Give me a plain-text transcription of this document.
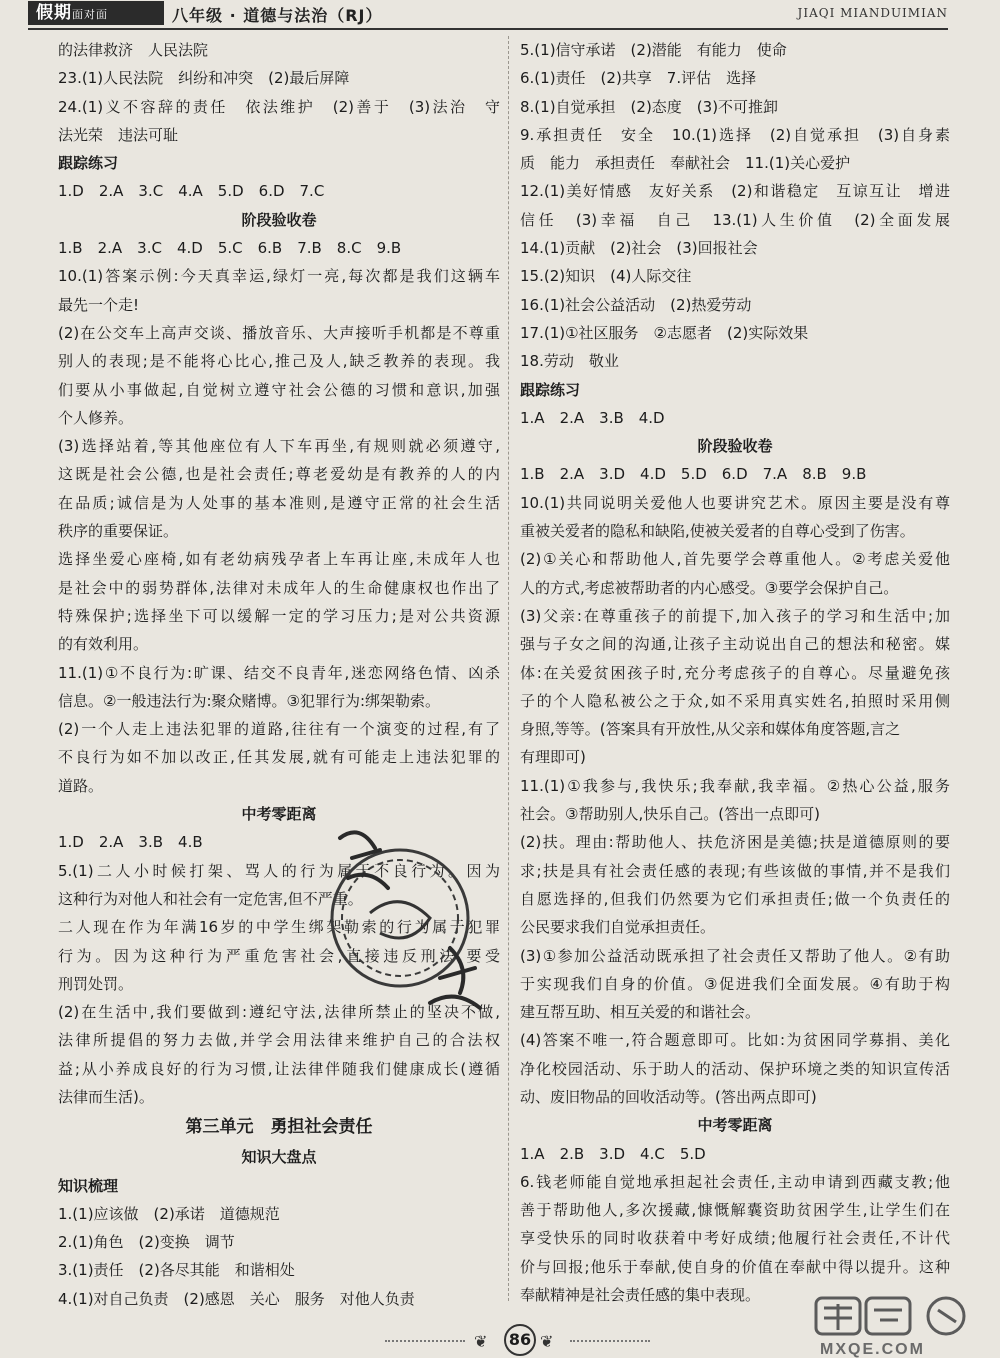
假期面对面	八年级 · 道德与法治（RJ）	JIAQI MIANDUIMIAN
的法律救济　人民法院
23.(1)人民法院　纠纷和冲突　(2)最后屏障
24.(1)义不容辞的责任　依法维护　(2)善于　(3)法治　守
法光荣　违法可耻
跟踪练习
1.D　2.A　3.C　4.A　5.D　6.D　7.C
阶段验收卷
1.B　2.A　3.C　4.D　5.C　6.B　7.B　8.C　9.B
10.(1)答案示例:今天真幸运,绿灯一亮,每次都是我们这辆车
最先一个走!
(2)在公交车上高声交谈、播放音乐、大声接听手机都是不尊重
别人的表现;是不能将心比心,推己及人,缺乏教养的表现。我
们要从小事做起,自觉树立遵守社会公德的习惯和意识,加强
个人修养。
(3)选择站着,等其他座位有人下车再坐,有规则就必须遵守,
这既是社会公德,也是社会责任;尊老爱幼是有教养的人的内
在品质;诚信是为人处事的基本准则,是遵守正常的社会生活
秩序的重要保证。
选择坐爱心座椅,如有老幼病残孕者上车再让座,未成年人也
是社会中的弱势群体,法律对未成年人的生命健康权也作出了
特殊保护;选择坐下可以缓解一定的学习压力;是对公共资源
的有效利用。
11.(1)①不良行为:旷课、结交不良青年,迷恋网络色情、凶杀
信息。②一般违法行为:聚众赌博。③犯罪行为:绑架勒索。
(2)一个人走上违法犯罪的道路,往往有一个演变的过程,有了
不良行为如不加以改正,任其发展,就有可能走上违法犯罪的
道路。
中考零距离
1.D　2.A　3.B　4.B
5.(1)二人小时候打架、骂人的行为属于不良行为。因为
这种行为对他人和社会有一定危害,但不严重。
二人现在作为年满16岁的中学生绑架勒索的行为属于犯罪
行为。因为这种行为严重危害社会,直接违反刑法,要受
刑罚处罚。
(2)在生活中,我们要做到:遵纪守法,法律所禁止的坚决不做,
法律所提倡的努力去做,并学会用法律来维护自己的合法权
益;从小养成良好的行为习惯,让法律伴随我们健康成长(遵循
法律而生活)。
第三单元　勇担社会责任
知识大盘点
知识梳理
1.(1)应该做　(2)承诺　道德规范
2.(1)角色　(2)变换　调节
3.(1)责任　(2)各尽其能　和谐相处
4.(1)对自己负责　(2)感恩　关心　服务　对他人负责
5.(1)信守承诺　(2)潜能　有能力　使命
6.(1)责任　(2)共享　7.评估　选择
8.(1)自觉承担　(2)态度　(3)不可推卸
9.承担责任　安全　10.(1)选择　(2)自觉承担　(3)自身素
质　能力　承担责任　奉献社会　11.(1)关心爱护
12.(1)美好情感　友好关系　(2)和谐稳定　互谅互让　增进
信任　(3)幸福　自己　13.(1)人生价值　(2)全面发展
14.(1)贡献　(2)社会　(3)回报社会
15.(2)知识　(4)人际交往
16.(1)社会公益活动　(2)热爱劳动
17.(1)①社区服务　②志愿者　(2)实际效果
18.劳动　敬业
跟踪练习
1.A　2.A　3.B　4.D
阶段验收卷
1.B　2.A　3.D　4.D　5.D　6.D　7.A　8.B　9.B
10.(1)共同说明关爱他人也要讲究艺术。原因主要是没有尊
重被关爱者的隐私和缺陷,使被关爱者的自尊心受到了伤害。
(2)①关心和帮助他人,首先要学会尊重他人。②考虑关爱他
人的方式,考虑被帮助者的内心感受。③要学会保护自己。
(3)父亲:在尊重孩子的前提下,加入孩子的学习和生活中;加
强与子女之间的沟通,让孩子主动说出自己的想法和秘密。媒
体:在关爱贫困孩子时,充分考虑孩子的自尊心。尽量避免孩
子的个人隐私被公之于众,如不采用真实姓名,拍照时采用侧
身照,等等。(答案具有开放性,从父亲和媒体角度答题,言之
有理即可)
11.(1)①我参与,我快乐;我奉献,我幸福。②热心公益,服务
社会。③帮助别人,快乐自己。(答出一点即可)
(2)扶。理由:帮助他人、扶危济困是美德;扶是道德原则的要
求;扶是具有社会责任感的表现;有些该做的事情,并不是我们
自愿选择的,但我们仍然要为它们承担责任;做一个负责任的
公民要求我们自觉承担责任。
(3)①参加公益活动既承担了社会责任又帮助了他人。②有助
于实现我们自身的价值。③促进我们全面发展。④有助于构
建互帮互助、相互关爱的和谐社会。
(4)答案不唯一,符合题意即可。比如:为贫困同学募捐、美化
净化校园活动、乐于助人的活动、保护环境之类的知识宣传活
动、废旧物品的回收活动等。(答出两点即可)
中考零距离
1.A　2.B　3.D　4.C　5.D
6.钱老师能自觉地承担起社会责任,主动申请到西藏支教;他
善于帮助他人,多次援藏,慷慨解囊资助贫困学生,让学生们在
享受快乐的同时收获着中考好成绩;他履行社会责任,不计代
价与回报;他乐于奉献,使自身的价值在奉献中得以提升。这种
奉献精神是社会责任感的集中表现。
MXQE.COM
❦	86 ❦
